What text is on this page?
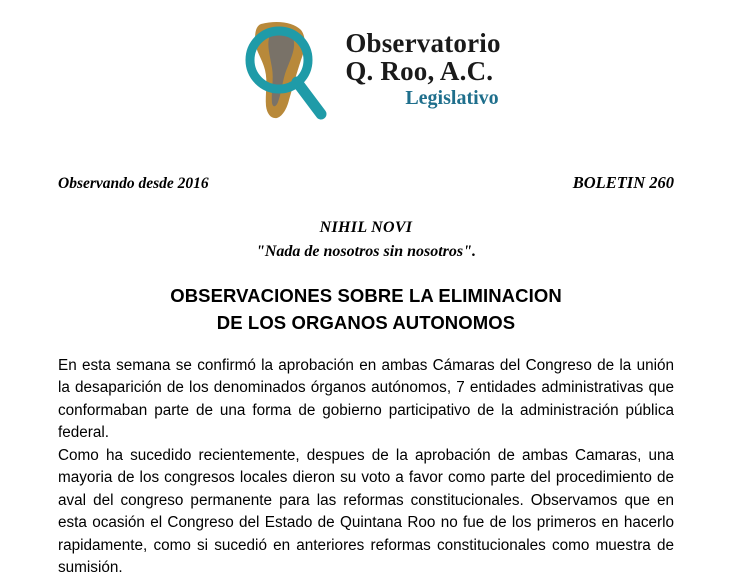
Observatorio
Q. Roo, A.C.
Legislativo
Observando desde 2016	BOLETIN 260
NIHIL NOVI
"Nada de nosotros sin nosotros".
OBSERVACIONES SOBRE LA ELIMINACION
DE LOS ORGANOS AUTONOMOS

En esta semana se confirmó la aprobación en ambas Cámaras del Congreso de la unión la desaparición de los denominados órganos autónomos, 7 entidades administrativas que conformaban parte de una forma de gobierno participativo de la administración pública federal.

Como ha sucedido recientemente, despues de la aprobación de ambas Camaras, una mayoria de los congresos locales dieron su voto a favor como parte del procedimiento de aval del congreso permanente para las reformas constitucionales. Observamos que en esta ocasión el Congreso del Estado de Quintana Roo no fue de los primeros en hacerlo rapidamente, como si sucedió en anteriores reformas constitucionales como muestra de sumisión.
